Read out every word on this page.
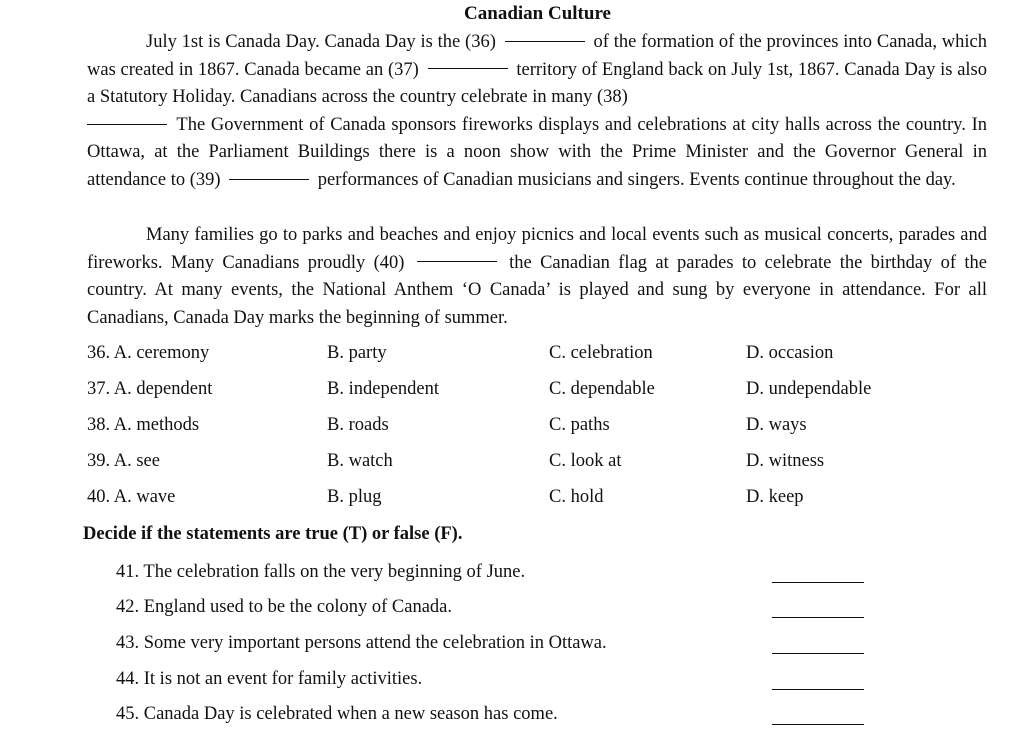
Canadian Culture

July 1st is Canada Day. Canada Day is the (36)	of the formation of the provinces into Canada, which was created in 1867. Canada became an (37)	territory of England back on July 1st, 1867. Canada Day is also a Statutory Holiday. Canadians across the country celebrate in many (38)
The Government of Canada sponsors fireworks displays and celebrations at city halls across the country. In Ottawa, at the Parliament Buildings there is a noon show with the Prime Minister and the Governor General in attendance to (39)	performances of Canadian musicians and singers. Events continue throughout the day.

Many families go to parks and beaches and enjoy picnics and local events such as musical concerts, parades and fireworks. Many Canadians proudly (40)	the Canadian flag at parades to celebrate the birthday of the country. At many events, the National Anthem ‘O Canada’ is played and sung by everyone in attendance. For all Canadians, Canada Day marks the beginning of summer.

36. A. ceremony	B. party	C. celebration	D. occasion
37. A. dependent	B. independent	C. dependable	D. undependable
38. A. methods	B. roads	C. paths	D. ways
39. A. see	B. watch	C. look at	D. witness
40. A. wave	B. plug	C. hold	D. keep
Decide if the statements are true (T) or false (F).
41. The celebration falls on the very beginning of June.
42. England used to be the colony of Canada.
43. Some very important persons attend the celebration in Ottawa.
44. It is not an event for family activities.
45. Canada Day is celebrated when a new season has come.
